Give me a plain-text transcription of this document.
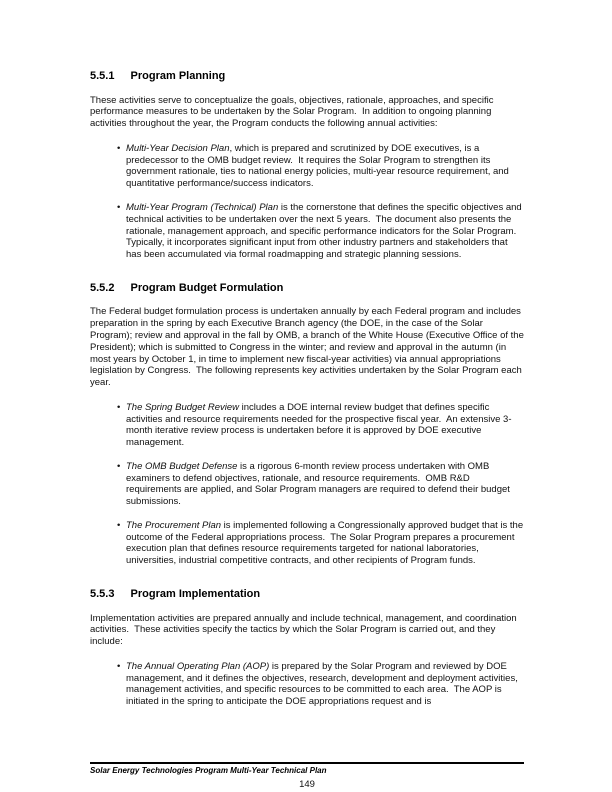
5.5.1 Program Planning

These activities serve to conceptualize the goals, objectives, rationale, approaches, and specific performance measures to be undertaken by the Solar Program.  In addition to ongoing planning activities throughout the year, the Program conducts the following annual activities:

• Multi-Year Decision Plan, which is prepared and scrutinized by DOE executives, is a predecessor to the OMB budget review.  It requires the Solar Program to strengthen its government rationale, ties to national energy policies, multi-year resource requirement, and quantitative performance/success indicators.
• Multi-Year Program (Technical) Plan is the cornerstone that defines the specific objectives and technical activities to be undertaken over the next 5 years.  The document also presents the rationale, management approach, and specific performance indicators for the Solar Program.  Typically, it incorporates significant input from other industry partners and stakeholders that has been accumulated via formal roadmapping and strategic planning sessions.
5.5.2 Program Budget Formulation

The Federal budget formulation process is undertaken annually by each Federal program and includes preparation in the spring by each Executive Branch agency (the DOE, in the case of the Solar Program); review and approval in the fall by OMB, a branch of the White House (Executive Office of the President); which is submitted to Congress in the winter; and review and approval in the autumn (in most years by October 1, in time to implement new fiscal-year activities) via annual appropriations legislation by Congress.  The following represents key activities undertaken by the Solar Program each year.

• The Spring Budget Review includes a DOE internal review budget that defines specific activities and resource requirements needed for the prospective fiscal year.  An extensive 3-month iterative review process is undertaken before it is approved by DOE executive management.
• The OMB Budget Defense is a rigorous 6-month review process undertaken with OMB examiners to defend objectives, rationale, and resource requirements.  OMB R&D requirements are applied, and Solar Program managers are required to defend their budget submissions.
• The Procurement Plan is implemented following a Congressionally approved budget that is the outcome of the Federal appropriations process.  The Solar Program prepares a procurement execution plan that defines resource requirements targeted for national laboratories, universities, industrial competitive contracts, and other recipients of Program funds.
5.5.3 Program Implementation

Implementation activities are prepared annually and include technical, management, and coordination activities.  These activities specify the tactics by which the Solar Program is carried out, and they include:

• The Annual Operating Plan (AOP) is prepared by the Solar Program and reviewed by DOE management, and it defines the objectives, research, development and deployment activities, management activities, and specific resources to be committed to each area.  The AOP is initiated in the spring to anticipate the DOE appropriations request and is
Solar Energy Technologies Program Multi-Year Technical Plan
149
